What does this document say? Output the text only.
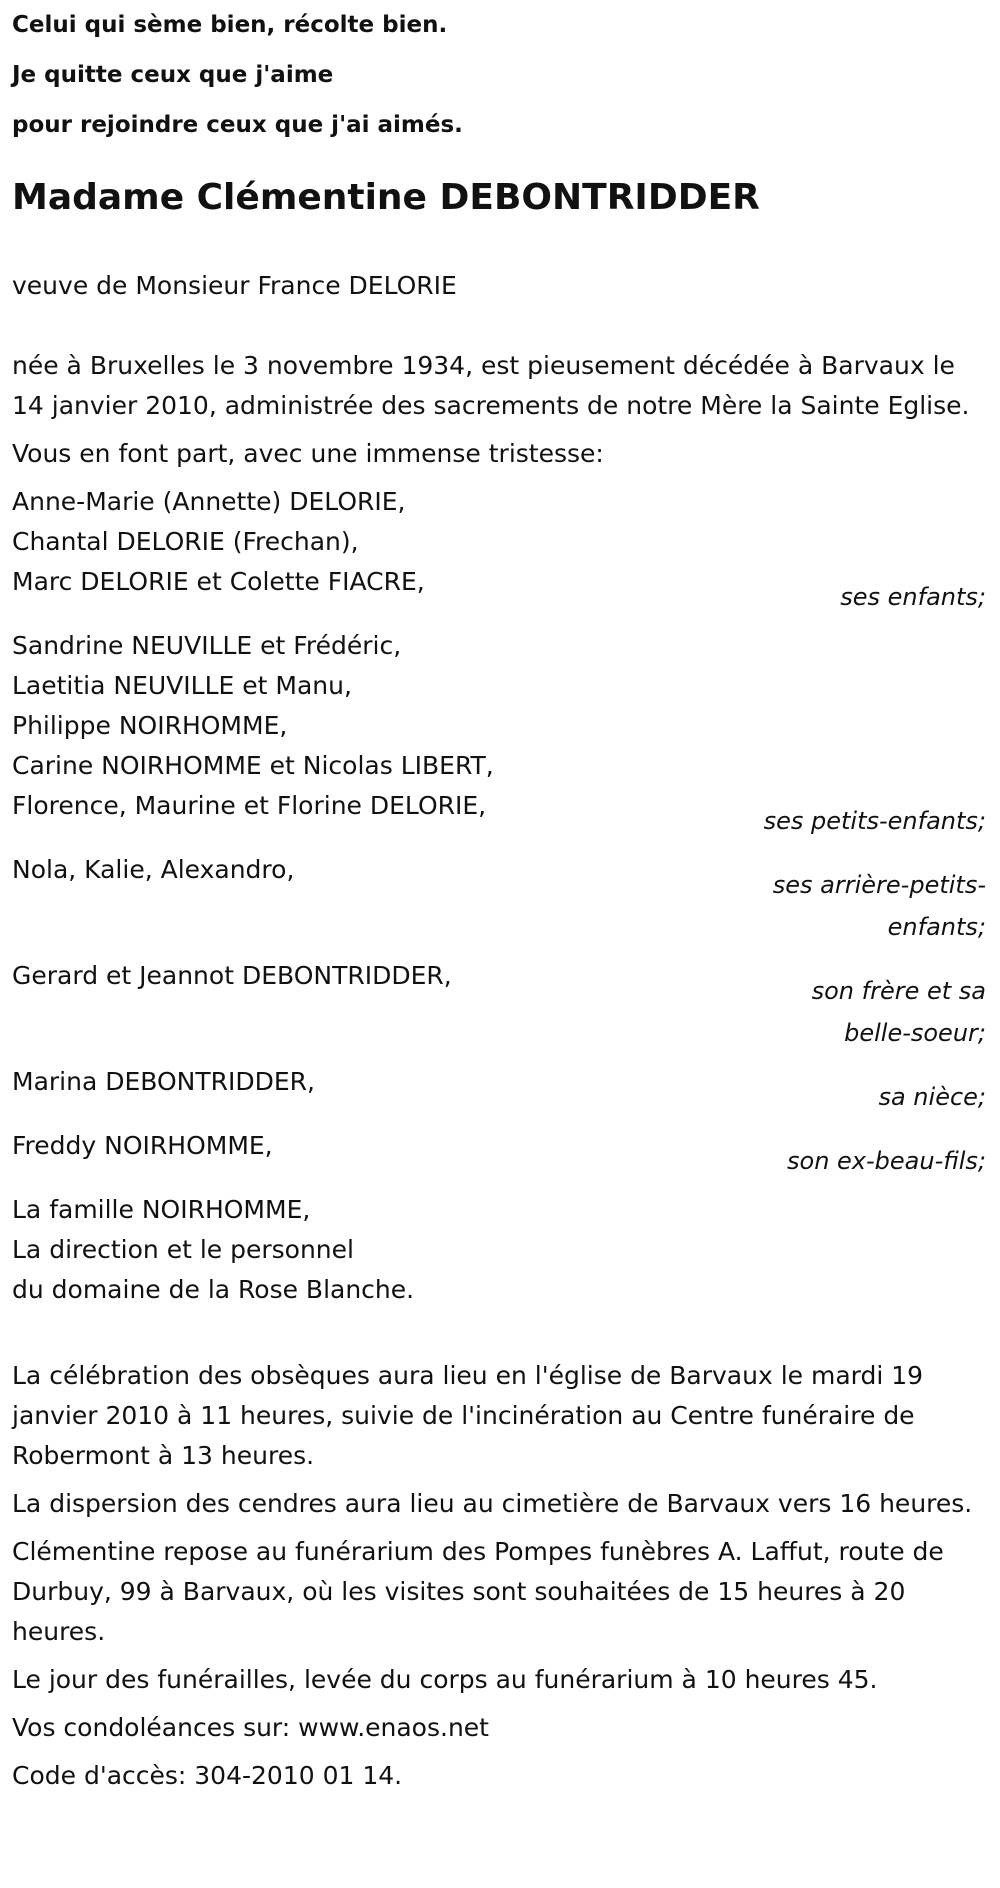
Celui qui sème bien, récolte bien.

Je quitte ceux que j'aime

pour rejoindre ceux que j'ai aimés.

Madame Clémentine DEBONTRIDDER

veuve de Monsieur France DELORIE

née à Bruxelles le 3 novembre 1934, est pieusement décédée à Barvaux le 14 janvier 2010, administrée des sacrements de notre Mère la Sainte Eglise.

Vous en font part, avec une immense tristesse:

Anne-Marie (Annette) DELORIE,
Chantal DELORIE (Frechan),
Marc DELORIE et Colette FIACRE,
ses enfants;
Sandrine NEUVILLE et Frédéric,
Laetitia NEUVILLE et Manu,
Philippe NOIRHOMME,
Carine NOIRHOMME et Nicolas LIBERT,
Florence, Maurine et Florine DELORIE,
ses petits-enfants;
Nola, Kalie, Alexandro,
ses arrière-petits-enfants;
Gerard et Jeannot DEBONTRIDDER,
son frère et sa belle-soeur;
Marina DEBONTRIDDER,
sa nièce;
Freddy NOIRHOMME,
son ex-beau-fils;
La famille NOIRHOMME,
La direction et le personnel
du domaine de la Rose Blanche.

La célébration des obsèques aura lieu en l'église de Barvaux le mardi 19 janvier 2010 à 11 heures, suivie de l'incinération au Centre funéraire de Robermont à 13 heures.

La dispersion des cendres aura lieu au cimetière de Barvaux vers 16 heures.

Clémentine repose au funérarium des Pompes funèbres A. Laffut, route de Durbuy, 99 à Barvaux, où les visites sont souhaitées de 15 heures à 20 heures.

Le jour des funérailles, levée du corps au funérarium à 10 heures 45.

Vos condoléances sur: www.enaos.net

Code d'accès: 304-2010 01 14.
